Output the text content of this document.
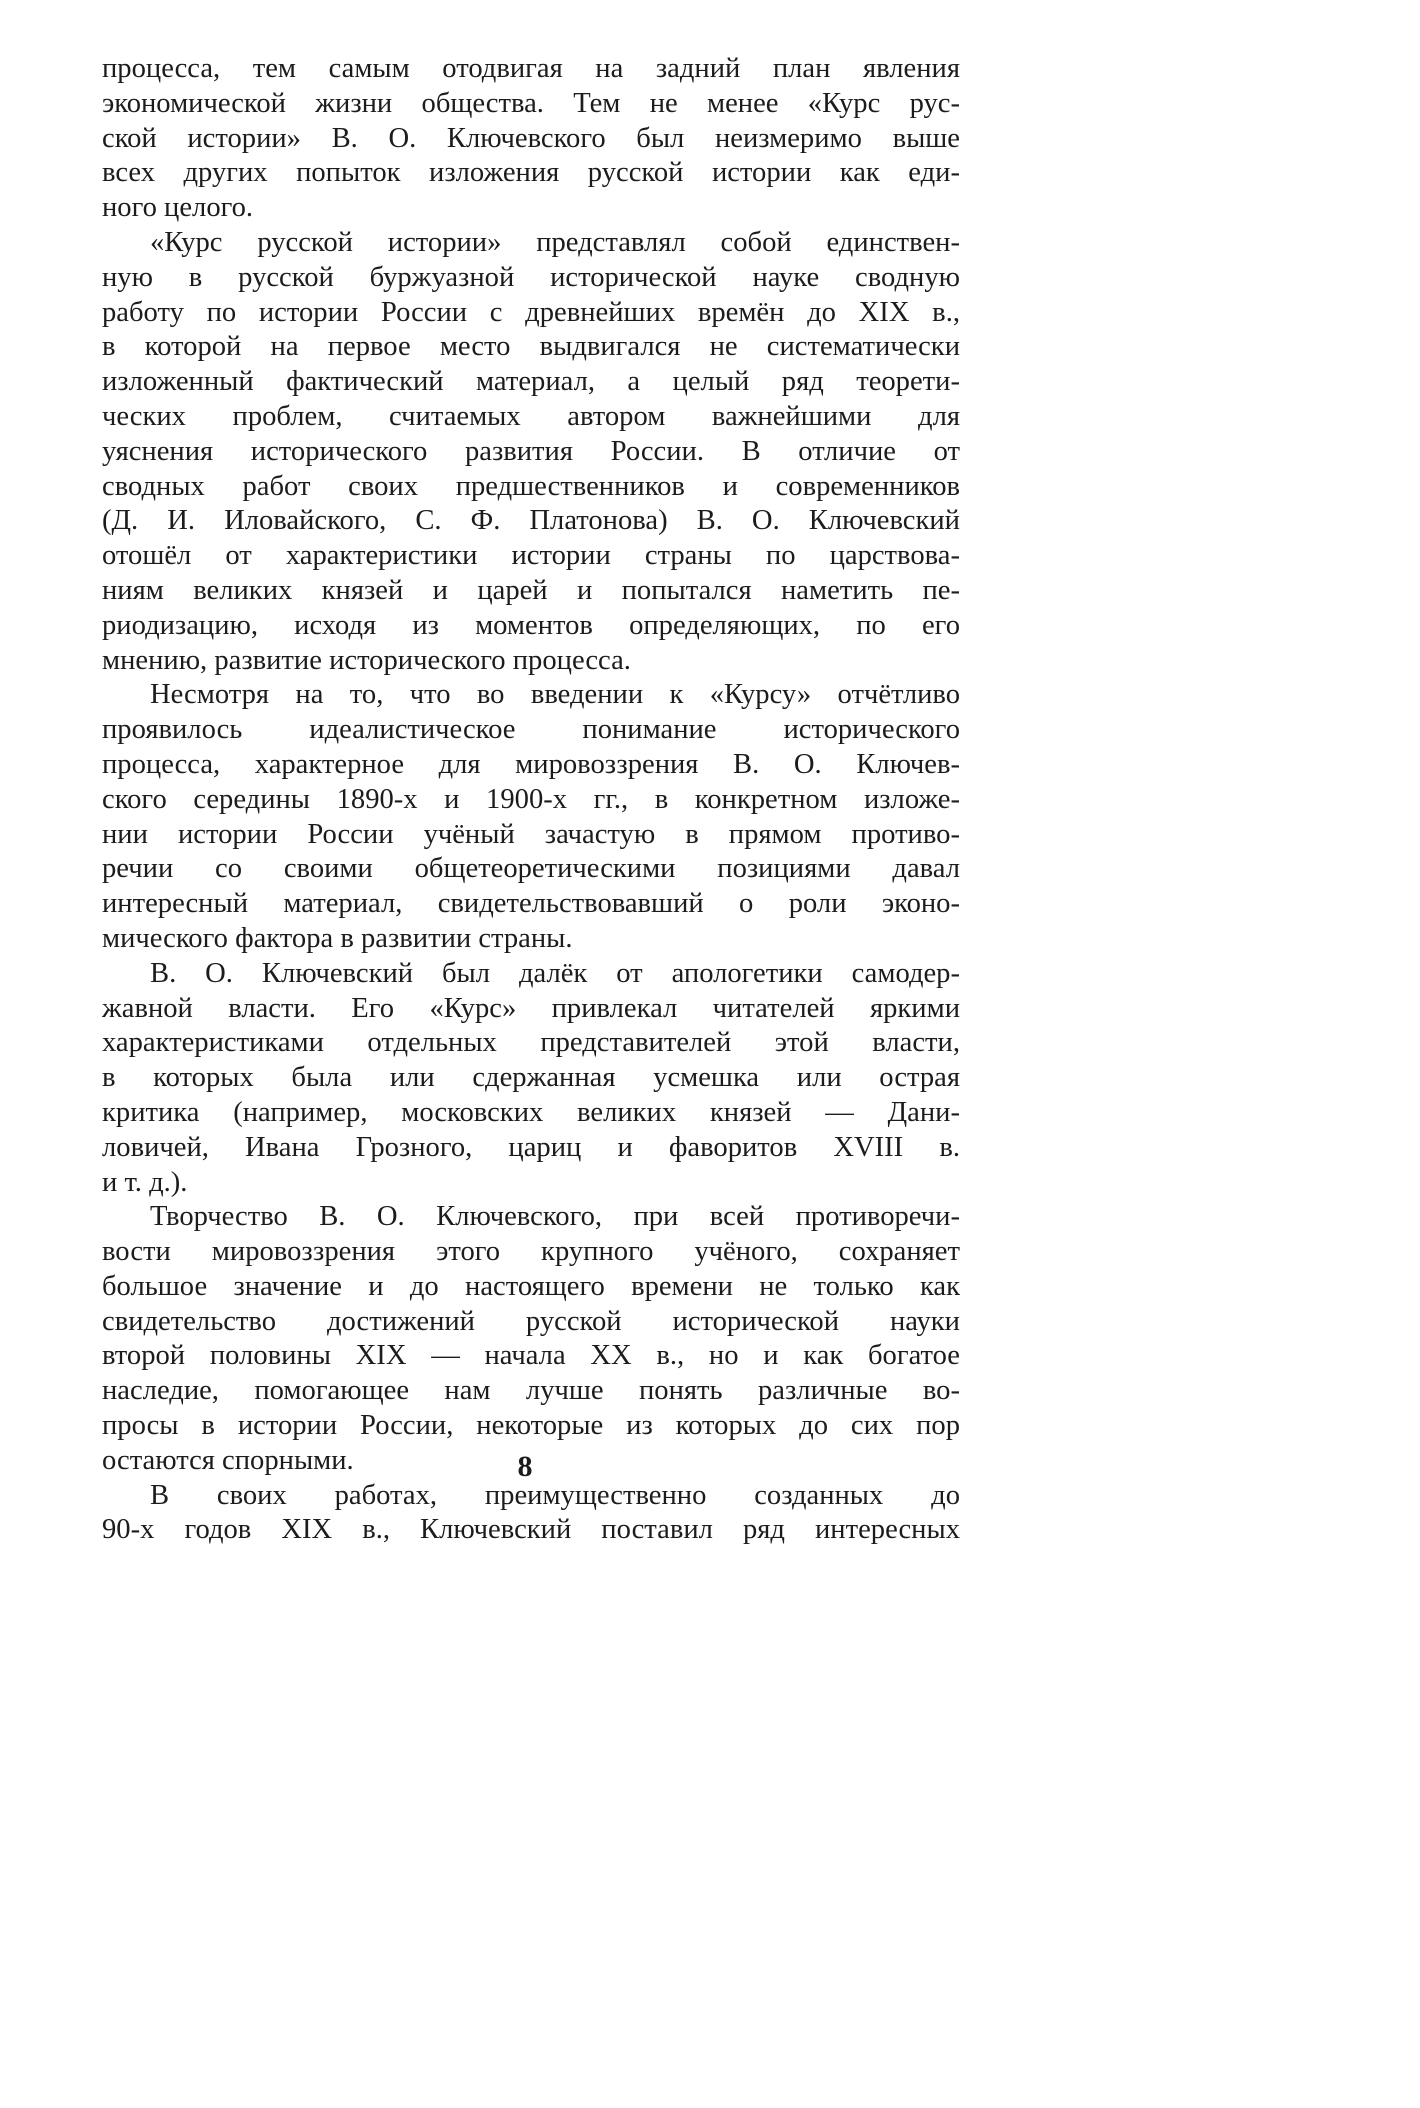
процесса, тем самым отодвигая на задний план явления
экономической жизни общества. Тем не менее «Курс рус-
ской истории» В. О. Ключевского был неизмеримо выше
всех других попыток изложения русской истории как еди-
ного целого.
«Курс русской истории» представлял собой единствен-
ную в русской буржуазной исторической науке сводную
работу по истории России с древнейших времён до XIX в.,
в которой на первое место выдвигался не систематически
изложенный фактический материал, а целый ряд теорети-
ческих проблем, считаемых автором важнейшими для
уяснения исторического развития России. В отличие от
сводных работ своих предшественников и современников
(Д. И. Иловайского, С. Ф. Платонова) В. О. Ключевский
отошёл от характеристики истории страны по царствова-
ниям великих князей и царей и попытался наметить пе-
риодизацию, исходя из моментов определяющих, по его
мнению, развитие исторического процесса.
Несмотря на то, что во введении к «Курсу» отчётливо
проявилось идеалистическое понимание исторического
процесса, характерное для мировоззрения В. О. Ключев-
ского середины 1890-х и 1900-х гг., в конкретном изложе-
нии истории России учёный зачастую в прямом противо-
речии со своими общетеоретическими позициями давал
интересный материал, свидетельствовавший о роли эконо-
мического фактора в развитии страны.
В. О. Ключевский был далёк от апологетики самодер-
жавной власти. Его «Курс» привлекал читателей яркими
характеристиками отдельных представителей этой власти,
в которых была или сдержанная усмешка или острая
критика (например, московских великих князей — Дани-
ловичей, Ивана Грозного, цариц и фаворитов XVIII в.
и т. д.).
Творчество В. О. Ключевского, при всей противоречи-
вости мировоззрения этого крупного учёного, сохраняет
большое значение и до настоящего времени не только как
свидетельство достижений русской исторической науки
второй половины XIX — начала XX в., но и как богатое
наследие, помогающее нам лучше понять различные во-
просы в истории России, некоторые из которых до сих пор
остаются спорными.
В своих работах, преимущественно созданных до
90-х годов XIX в., Ключевский поставил ряд интересных
8
